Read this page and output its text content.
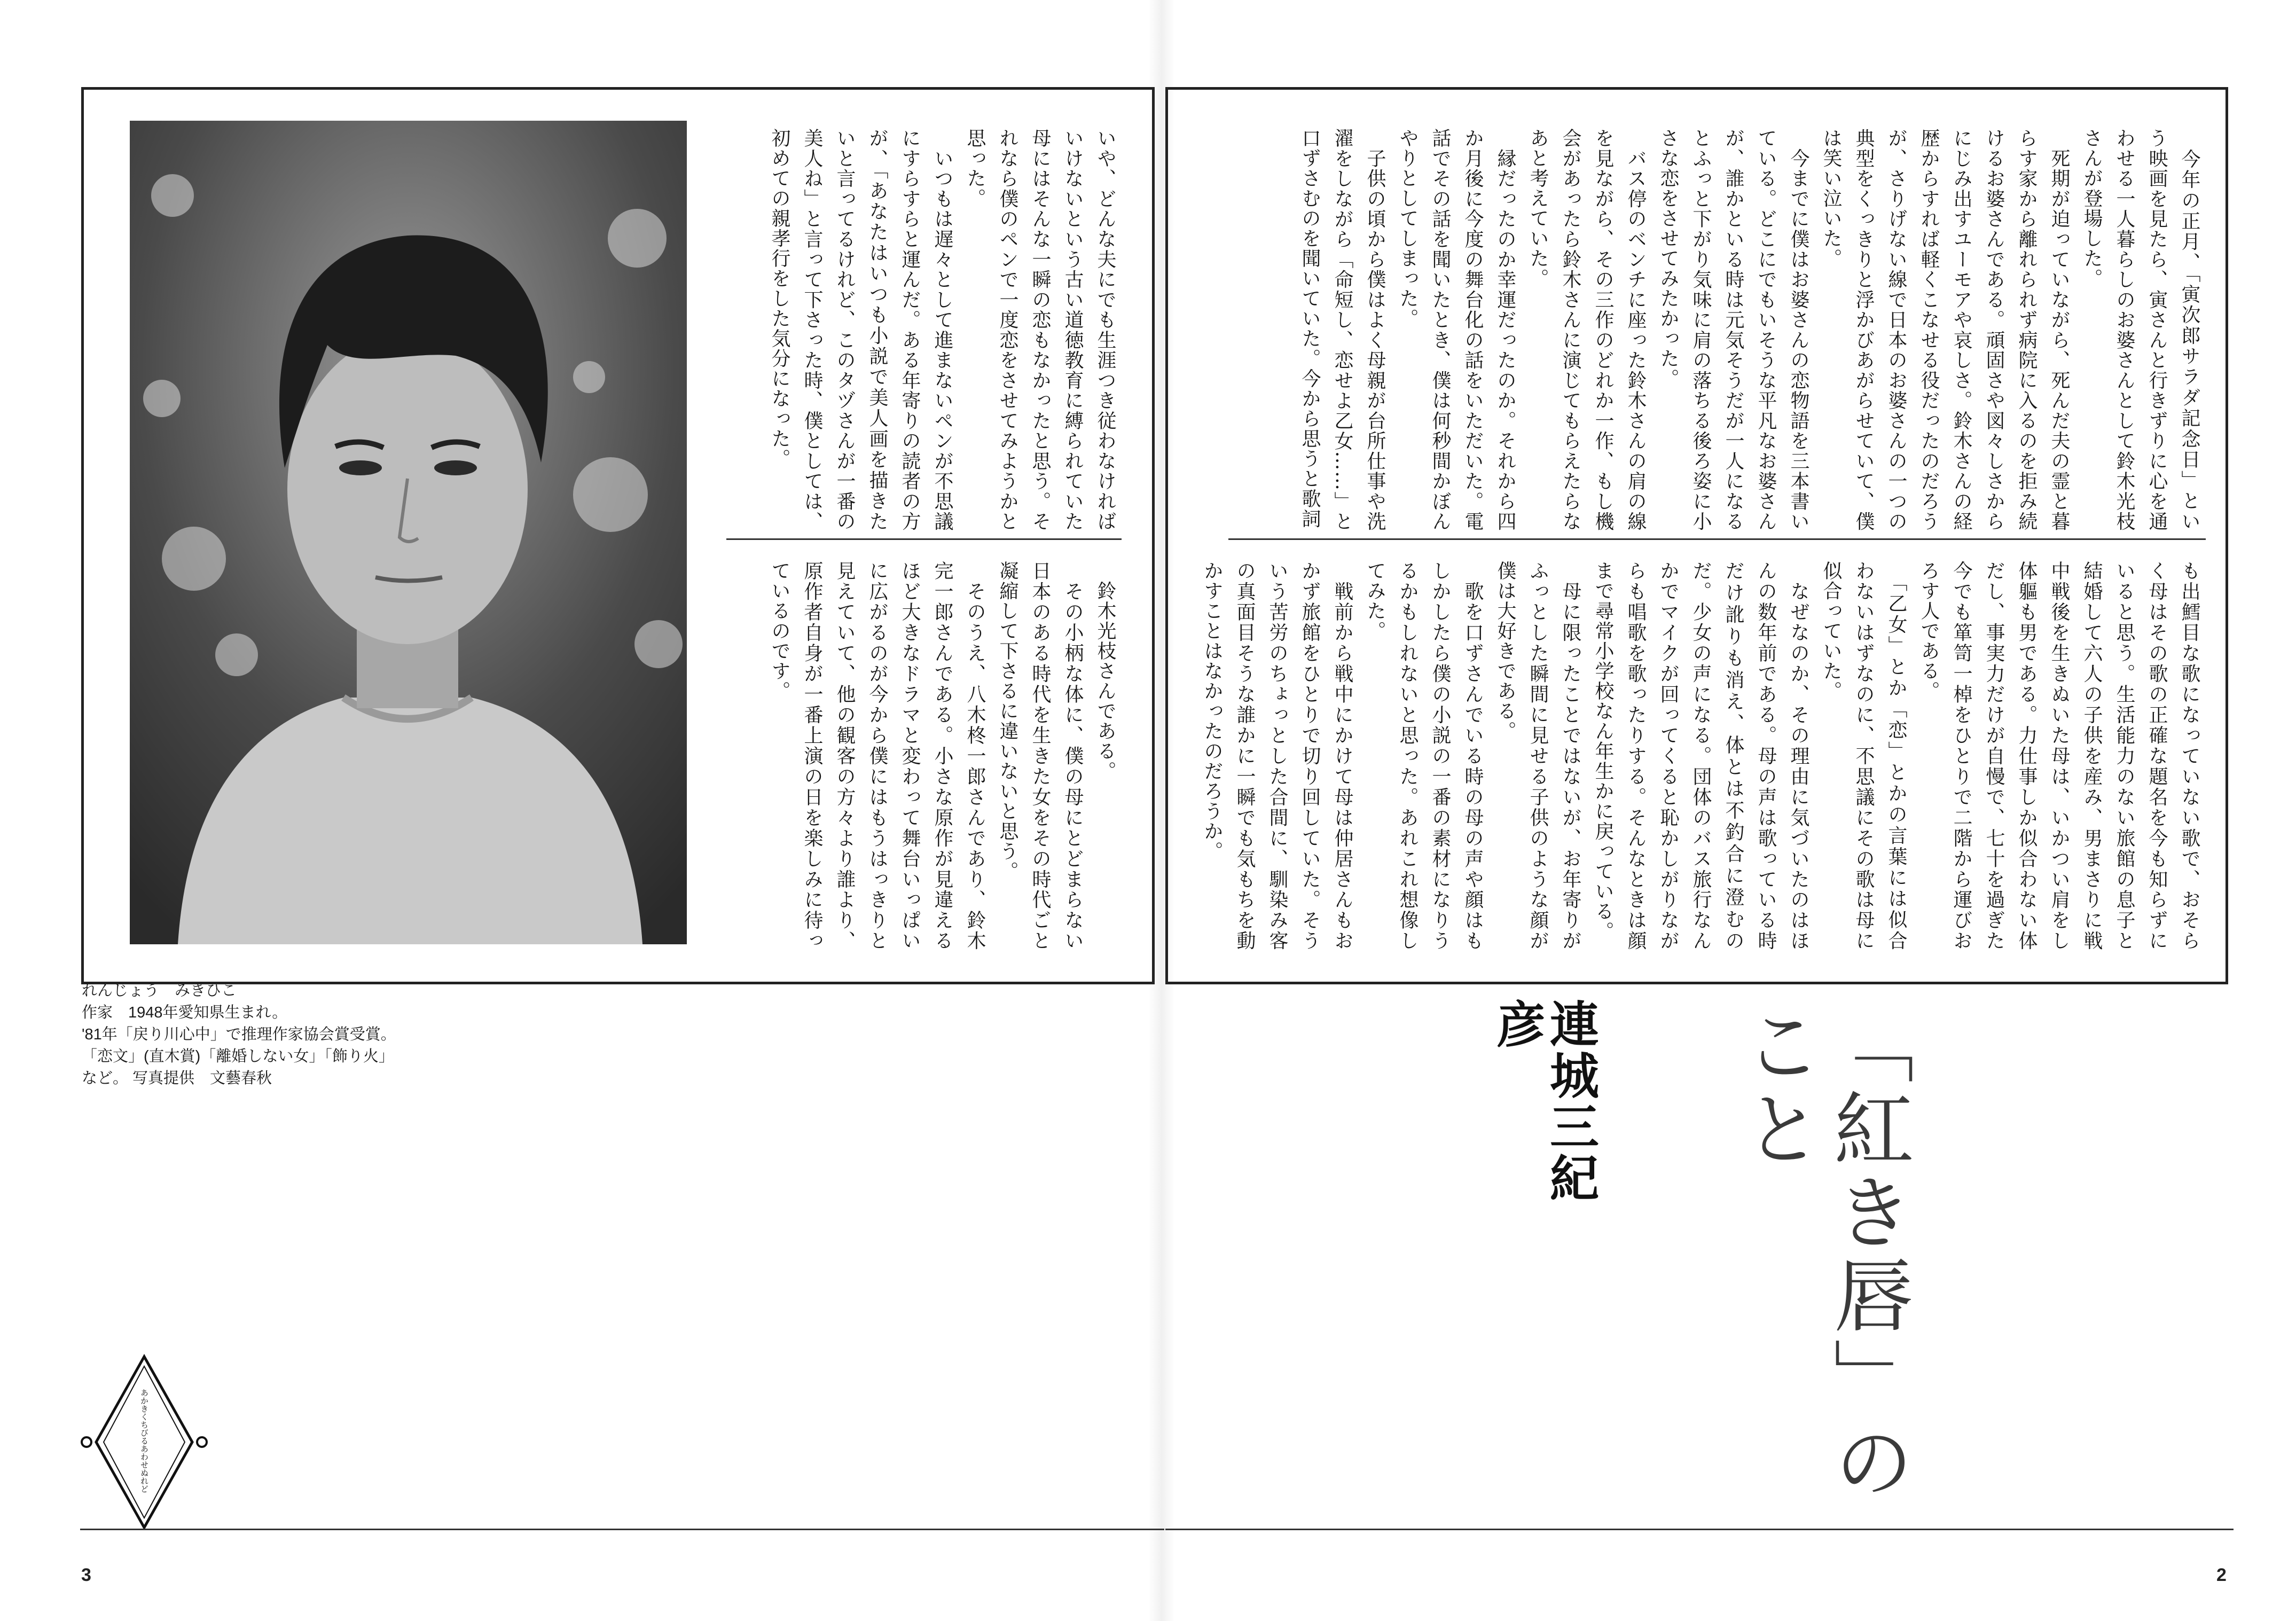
いや、どんな夫にでも生涯つき従わなければいけないという古い道徳教育に縛られていた母にはそんな一瞬の恋もなかったと思う。それなら僕のペンで一度恋をさせてみようかと思った。
　いつもは遅々として進まないペンが不思議にすらすらと運んだ。ある年寄りの読者の方が、「あなたはいつも小説で美人画を描きたいと言ってるけれど、このタヅさんが一番の美人ね」と言って下さった時、僕としては、初めての親孝行をした気分になった。
　鈴木光枝さんである。
　その小柄な体に、僕の母にとどまらない日本のある時代を生きた女をその時代ごと凝縮して下さるに違いないと思う。
　そのうえ、八木柊一郎さんであり、鈴木完一郎さんである。小さな原作が見違えるほど大きなドラマと変わって舞台いっぱいに広がるのが今から僕にはもうはっきりと見えていて、他の観客の方々より誰より、原作者自身が一番上演の日を楽しみに待っているのです。
れんじょう　みきひこ
作家　1948年愛知県生まれ。
'81年「戻り川心中」で推理作家協会賞受賞。
「恋文」(直木賞)「離婚しない女」「飾り火」
など。 写真提供　文藝春秋
あかきくちびるあわせぬれど
3
　今年の正月、「寅次郎サラダ記念日」という映画を見たら、寅さんと行きずりに心を通わせる一人暮らしのお婆さんとして鈴木光枝さんが登場した。
　死期が迫っていながら、死んだ夫の霊と暮らす家から離れられず病院に入るのを拒み続けるお婆さんである。頑固さや図々しさからにじみ出すユーモアや哀しさ。鈴木さんの経歴からすれば軽くこなせる役だったのだろうが、さりげない線で日本のお婆さんの一つの典型をくっきりと浮かびあがらせていて、僕は笑い泣いた。
　今までに僕はお婆さんの恋物語を三本書いている。どこにでもいそうな平凡なお婆さんが、誰かといる時は元気そうだが一人になるとふっと下がり気味に肩の落ちる後ろ姿に小さな恋をさせてみたかった。
　バス停のベンチに座った鈴木さんの肩の線を見ながら、その三作のどれか一作、もし機会があったら鈴木さんに演じてもらえたらなあと考えていた。
　縁だったのか幸運だったのか。それから四か月後に今度の舞台化の話をいただいた。電話でその話を聞いたとき、僕は何秒間かぼんやりとしてしまった。
　子供の頃から僕はよく母親が台所仕事や洗濯をしながら「命短し、恋せよ乙女……」と口ずさむのを聞いていた。今から思うと歌詞
も出鱈目な歌になっていない歌で、おそらく母はその歌の正確な題名を今も知らずにいると思う。生活能力のない旅館の息子と結婚して六人の子供を産み、男まさりに戦中戦後を生きぬいた母は、いかつい肩をし体軀も男である。力仕事しか似合わない体だし、事実力だけが自慢で、七十を過ぎた今でも箪笥一棹をひとりで二階から運びおろす人である。
　「乙女」とか「恋」とかの言葉には似合わないはずなのに、不思議にその歌は母に似合っていた。
　なぜなのか、その理由に気づいたのはほんの数年前である。母の声は歌っている時だけ訛りも消え、体とは不釣合に澄むのだ。少女の声になる。団体のバス旅行なんかでマイクが回ってくると恥かしがりながらも唱歌を歌ったりする。そんなときは顔まで尋常小学校なん年生かに戻っている。
　母に限ったことではないが、お年寄りがふっとした瞬間に見せる子供のような顔が僕は大好きである。
　歌を口ずさんでいる時の母の声や顔はもしかしたら僕の小説の一番の素材になりうるかもしれないと思った。あれこれ想像してみた。
　戦前から戦中にかけて母は仲居さんもおかず旅館をひとりで切り回していた。そういう苦労のちょっとした合間に、馴染み客の真面目そうな誰かに一瞬でも気もちを動かすことはなかったのだろうか。
「紅き唇」の
こと
連城三紀彦
2
